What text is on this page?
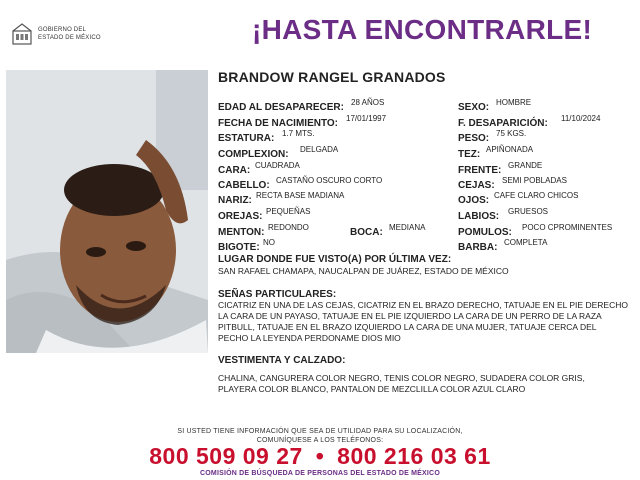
GOBIERNO DEL
ESTADO DE MÉXICO	¡HASTA ENCONTRARLE!
BRANDOW RANGEL GRANADOS
EDAD AL DESAPARECER: 28 AÑOS
FECHA DE NACIMIENTO: 17/01/1997
ESTATURA: 1.7 MTS.
COMPLEXION: DELGADA
CARA: CUADRADA
CABELLO: CASTAÑO OSCURO CORTO
NARIZ: RECTA BASE MADIANA
OREJAS: PEQUEÑAS
MENTON: REDONDO	BOCA: MEDIANA
BIGOTE: NO
SEXO: HOMBRE
F. DESAPARICIÓN: 11/10/2024
PESO: 75 KGS.
TEZ: APIÑONADA
FRENTE: GRANDE
CEJAS: SEMI POBLADAS
OJOS: CAFE CLARO CHICOS
LABIOS: GRUESOS
POMULOS: POCO CPROMINENTES
BARBA: COMPLETA
LUGAR DONDE FUE VISTO(A) POR ÚLTIMA VEZ:
SAN RAFAEL CHAMAPA, NAUCALPAN DE JUÁREZ, ESTADO DE MÉXICO
SEÑAS PARTICULARES:
CICATRIZ EN UNA DE LAS CEJAS, CICATRIZ EN EL BRAZO DERECHO, TATUAJE EN EL PIE DERECHO LA CARA DE UN PAYASO, TATUAJE EN EL PIE IZQUIERDO LA CARA DE UN PERRO DE LA RAZA PITBULL, TATUAJE EN EL BRAZO IZQUIERDO LA CARA DE UNA MUJER, TATUAJE CERCA DEL PECHO LA LEYENDA PERDONAME DIOS MIO
VESTIMENTA Y CALZADO:
CHALINA, CANGURERA COLOR NEGRO, TENIS COLOR NEGRO, SUDADERA COLOR GRIS, PLAYERA COLOR BLANCO, PANTALON DE MEZCLILLA COLOR AZUL CLARO
SI USTED TIENE INFORMACIÓN QUE SEA DE UTILIDAD PARA SU LOCALIZACIÓN,
COMUNÍQUESE A LOS TELÉFONOS:
800 509 09 27 • 800 216 03 61
COMISIÓN DE BÚSQUEDA DE PERSONAS DEL ESTADO DE MÉXICO
